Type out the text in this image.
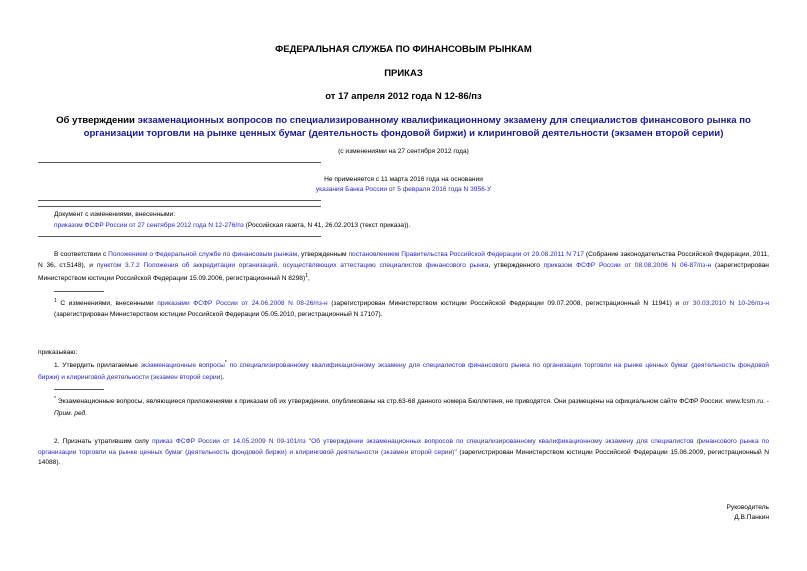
ФЕДЕРАЛЬНАЯ СЛУЖБА ПО ФИНАНСОВЫМ РЫНКАМ
ПРИКАЗ
от 17 апреля 2012 года N 12-86/пз
Об утверждении экзаменационных вопросов по специализированному квалификационному экзамену для специалистов финансового рынка по организации торговли на рынке ценных бумаг (деятельность фондовой биржи) и клиринговой деятельности (экзамен второй серии)
(с изменениями на 27 сентября 2012 года)
Не применяется с 11 марта 2016 года на основании
указания Банка России от 5 февраля 2016 года N 3956-У
Документ с изменениями, внесенными:
приказом ФСФР России от 27 сентября 2012 года N 12-276/пз (Российская газета, N 41, 26.02.2013 (текст приказа)).
В соответствии с Положением о Федеральной службе по финансовым рынкам, утвержденным постановлением Правительства Российской Федерации от 29.08.2011 N 717 (Собрание законодательства Российской Федерации, 2011, N 36, ст.5148), и пунктом 3.7.2 Положения об аккредитации организаций, осуществляющих аттестацию специалистов финансового рынка, утвержденного приказом ФСФР России от 08.08.2006 N 06-87/пз-н (зарегистрирован Министерством юстиции Российской Федерации 15.09.2006, регистрационный N 8298)$^1$,
$^1$ С изменениями, внесенными приказами ФСФР России от 24.06.2008 N 08-26/пз-н (зарегистрирован Министерством юстиции Российской Федерации 09.07.2008, регистрационный N 11941) и от 30.03.2010 N 10-26/пз-н (зарегистрирован Министерством юстиции Российской Федерации 05.05.2010, регистрационный N 17107).
приказываю:
1. Утвердить прилагаемые экзаменационные вопросы* по специализированному квалификационному экзамену для специалистов финансового рынка по организации торговли на рынке ценных бумаг (деятельность фондовой биржи) и клиринговой деятельности (экзамен второй серии).
* Экзаменационные вопросы, являющиеся приложениями к приказам об их утверждении, опубликованы на стр.63-68 данного номера Бюллетеня, не приводятся. Они размещены на официальном сайте ФСФР России: www.fcsm.ru. - Прим. ред.
2. Признать утратившим силу приказ ФСФР России от 14.05.2009 N 09-101/пз "Об утверждении экзаменационных вопросов по специализированному квалификационному экзамену для специалистов финансового рынка по организации торговли на рынке ценных бумаг (деятельность фондовой биржи) и клиринговой деятельности (экзамен второй серии)" (зарегистрирован Министерством юстиции Российской Федерации 15.06.2009, регистрационный N 14088).
Руководитель
Д.В.Панкин
